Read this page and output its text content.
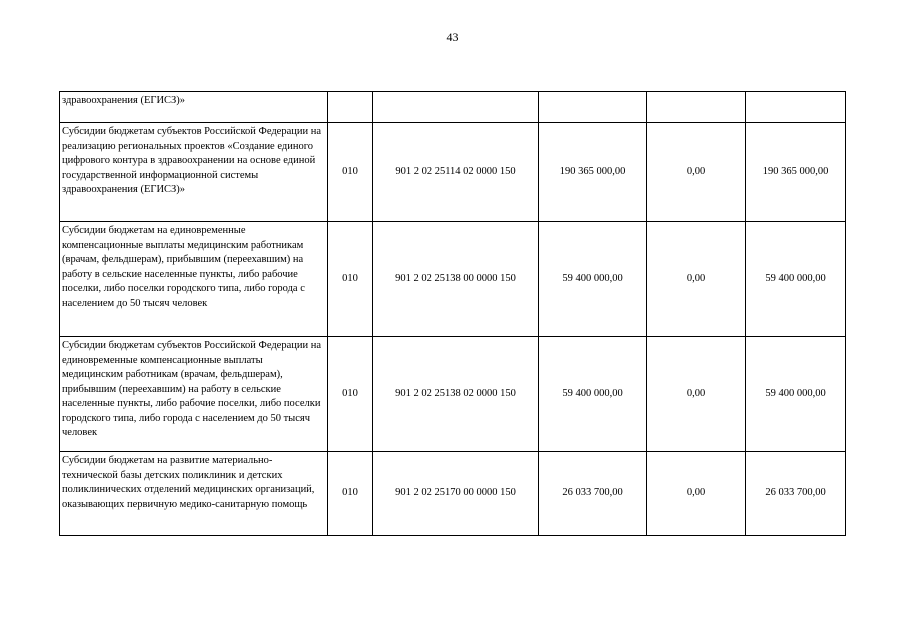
43
здравоохранения (ЕГИСЗ)»					
Субсидии бюджетам субъектов Российской Федерации на реализацию региональных проектов «Создание единого цифрового контура в здравоохранении на основе единой государственной информационной системы здравоохранения (ЕГИСЗ)»	010	901 2 02 25114 02 0000 150	190 365 000,00	0,00	190 365 000,00
Субсидии бюджетам на единовременные компенсационные выплаты медицинским работникам (врачам, фельдшерам), прибывшим (переехавшим) на работу в сельские населенные пункты, либо рабочие поселки, либо поселки городского типа, либо города с населением до 50 тысяч человек	010	901 2 02 25138 00 0000 150	59 400 000,00	0,00	59 400 000,00
Субсидии бюджетам субъектов Российской Федерации на единовременные компенсационные выплаты медицинским работникам (врачам, фельдшерам), прибывшим (переехавшим) на работу в сельские населенные пункты, либо рабочие поселки, либо поселки городского типа, либо города с населением до 50 тысяч человек	010	901 2 02 25138 02 0000 150	59 400 000,00	0,00	59 400 000,00
Субсидии бюджетам на развитие материально-технической базы детских поликлиник и детских поликлинических отделений медицинских организаций, оказывающих первичную медико-санитарную помощь	010	901 2 02 25170 00 0000 150	26 033 700,00	0,00	26 033 700,00
